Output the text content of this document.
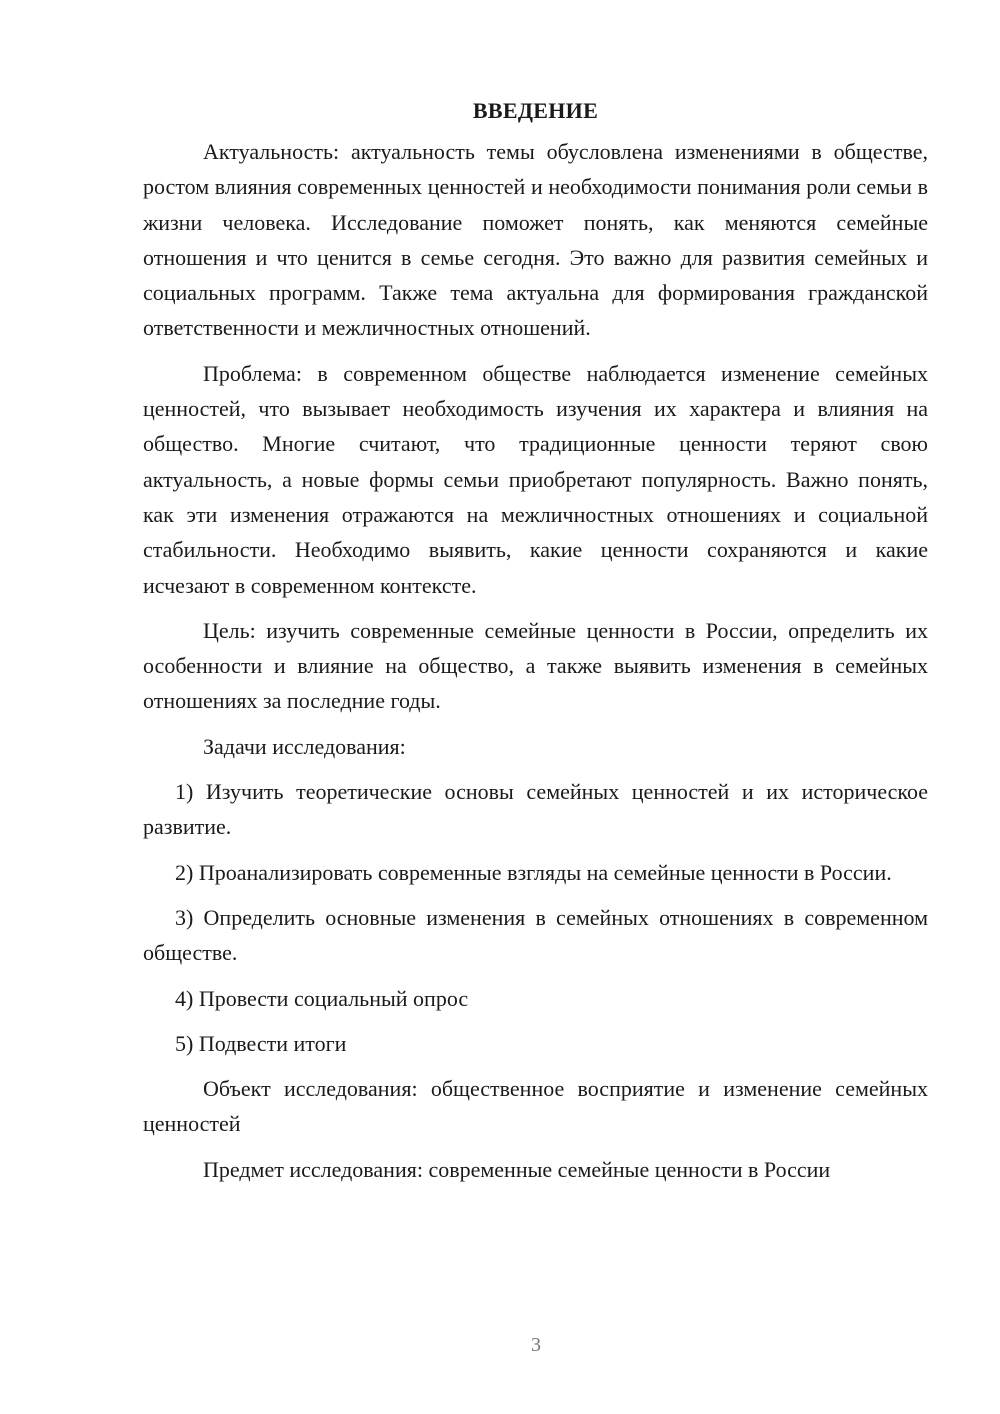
ВВЕДЕНИЕ

Актуальность: актуальность темы обусловлена изменениями в обществе, ростом влияния современных ценностей и необходимости понимания роли семьи в жизни человека. Исследование поможет понять, как меняются семейные отношения и что ценится в семье сегодня. Это важно для развития семейных и социальных программ. Также тема актуальна для формирования гражданской ответственности и межличностных отношений.

Проблема: в современном обществе наблюдается изменение семейных ценностей, что вызывает необходимость изучения их характера и влияния на общество. Многие считают, что традиционные ценности теряют свою актуальность, а новые формы семьи приобретают популярность. Важно понять, как эти изменения отражаются на межличностных отношениях и социальной стабильности. Необходимо выявить, какие ценности сохраняются и какие исчезают в современном контексте.

Цель: изучить современные семейные ценности в России, определить их особенности и влияние на общество, а также выявить изменения в семейных отношениях за последние годы.

Задачи исследования:

1) Изучить теоретические основы семейных ценностей и их историческое развитие.

2) Проанализировать современные взгляды на семейные ценности в России.

3) Определить основные изменения в семейных отношениях в современном обществе.

4) Провести социальный опрос

5) Подвести итоги

Объект исследования: общественное восприятие и изменение семейных ценностей

Предмет исследования: современные семейные ценности в России

3
